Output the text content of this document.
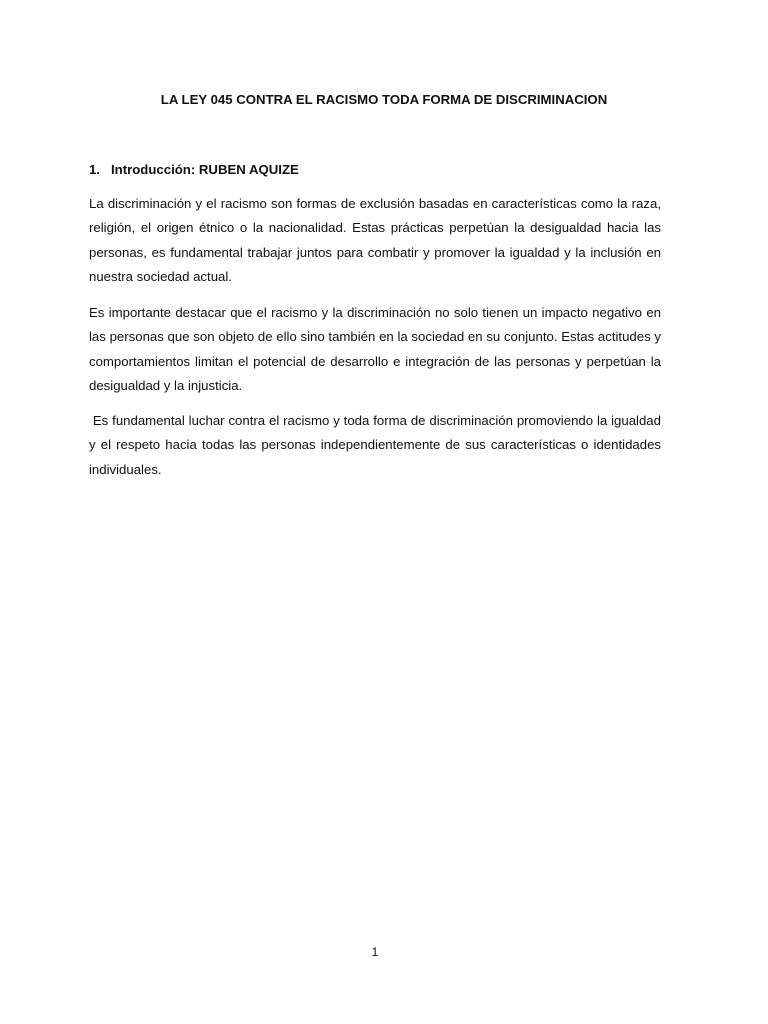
LA LEY 045 CONTRA EL RACISMO TODA FORMA DE DISCRIMINACION
1. Introducción: RUBEN AQUIZE

La discriminación y el racismo son formas de exclusión basadas en características como la raza, religión, el origen étnico o la nacionalidad. Estas prácticas perpetúan la desigualdad hacia las personas, es fundamental trabajar juntos para combatir y promover la igualdad y la inclusión en nuestra sociedad actual.

Es importante destacar que el racismo y la discriminación no solo tienen un impacto negativo en las personas que son objeto de ello sino también en la sociedad en su conjunto. Estas actitudes y comportamientos limitan el potencial de desarrollo e integración de las personas y perpetúan la desigualdad y la injusticia.

Es fundamental luchar contra el racismo y toda forma de discriminación promoviendo la igualdad y el respeto hacia todas las personas independientemente de sus características o identidades individuales.

1
